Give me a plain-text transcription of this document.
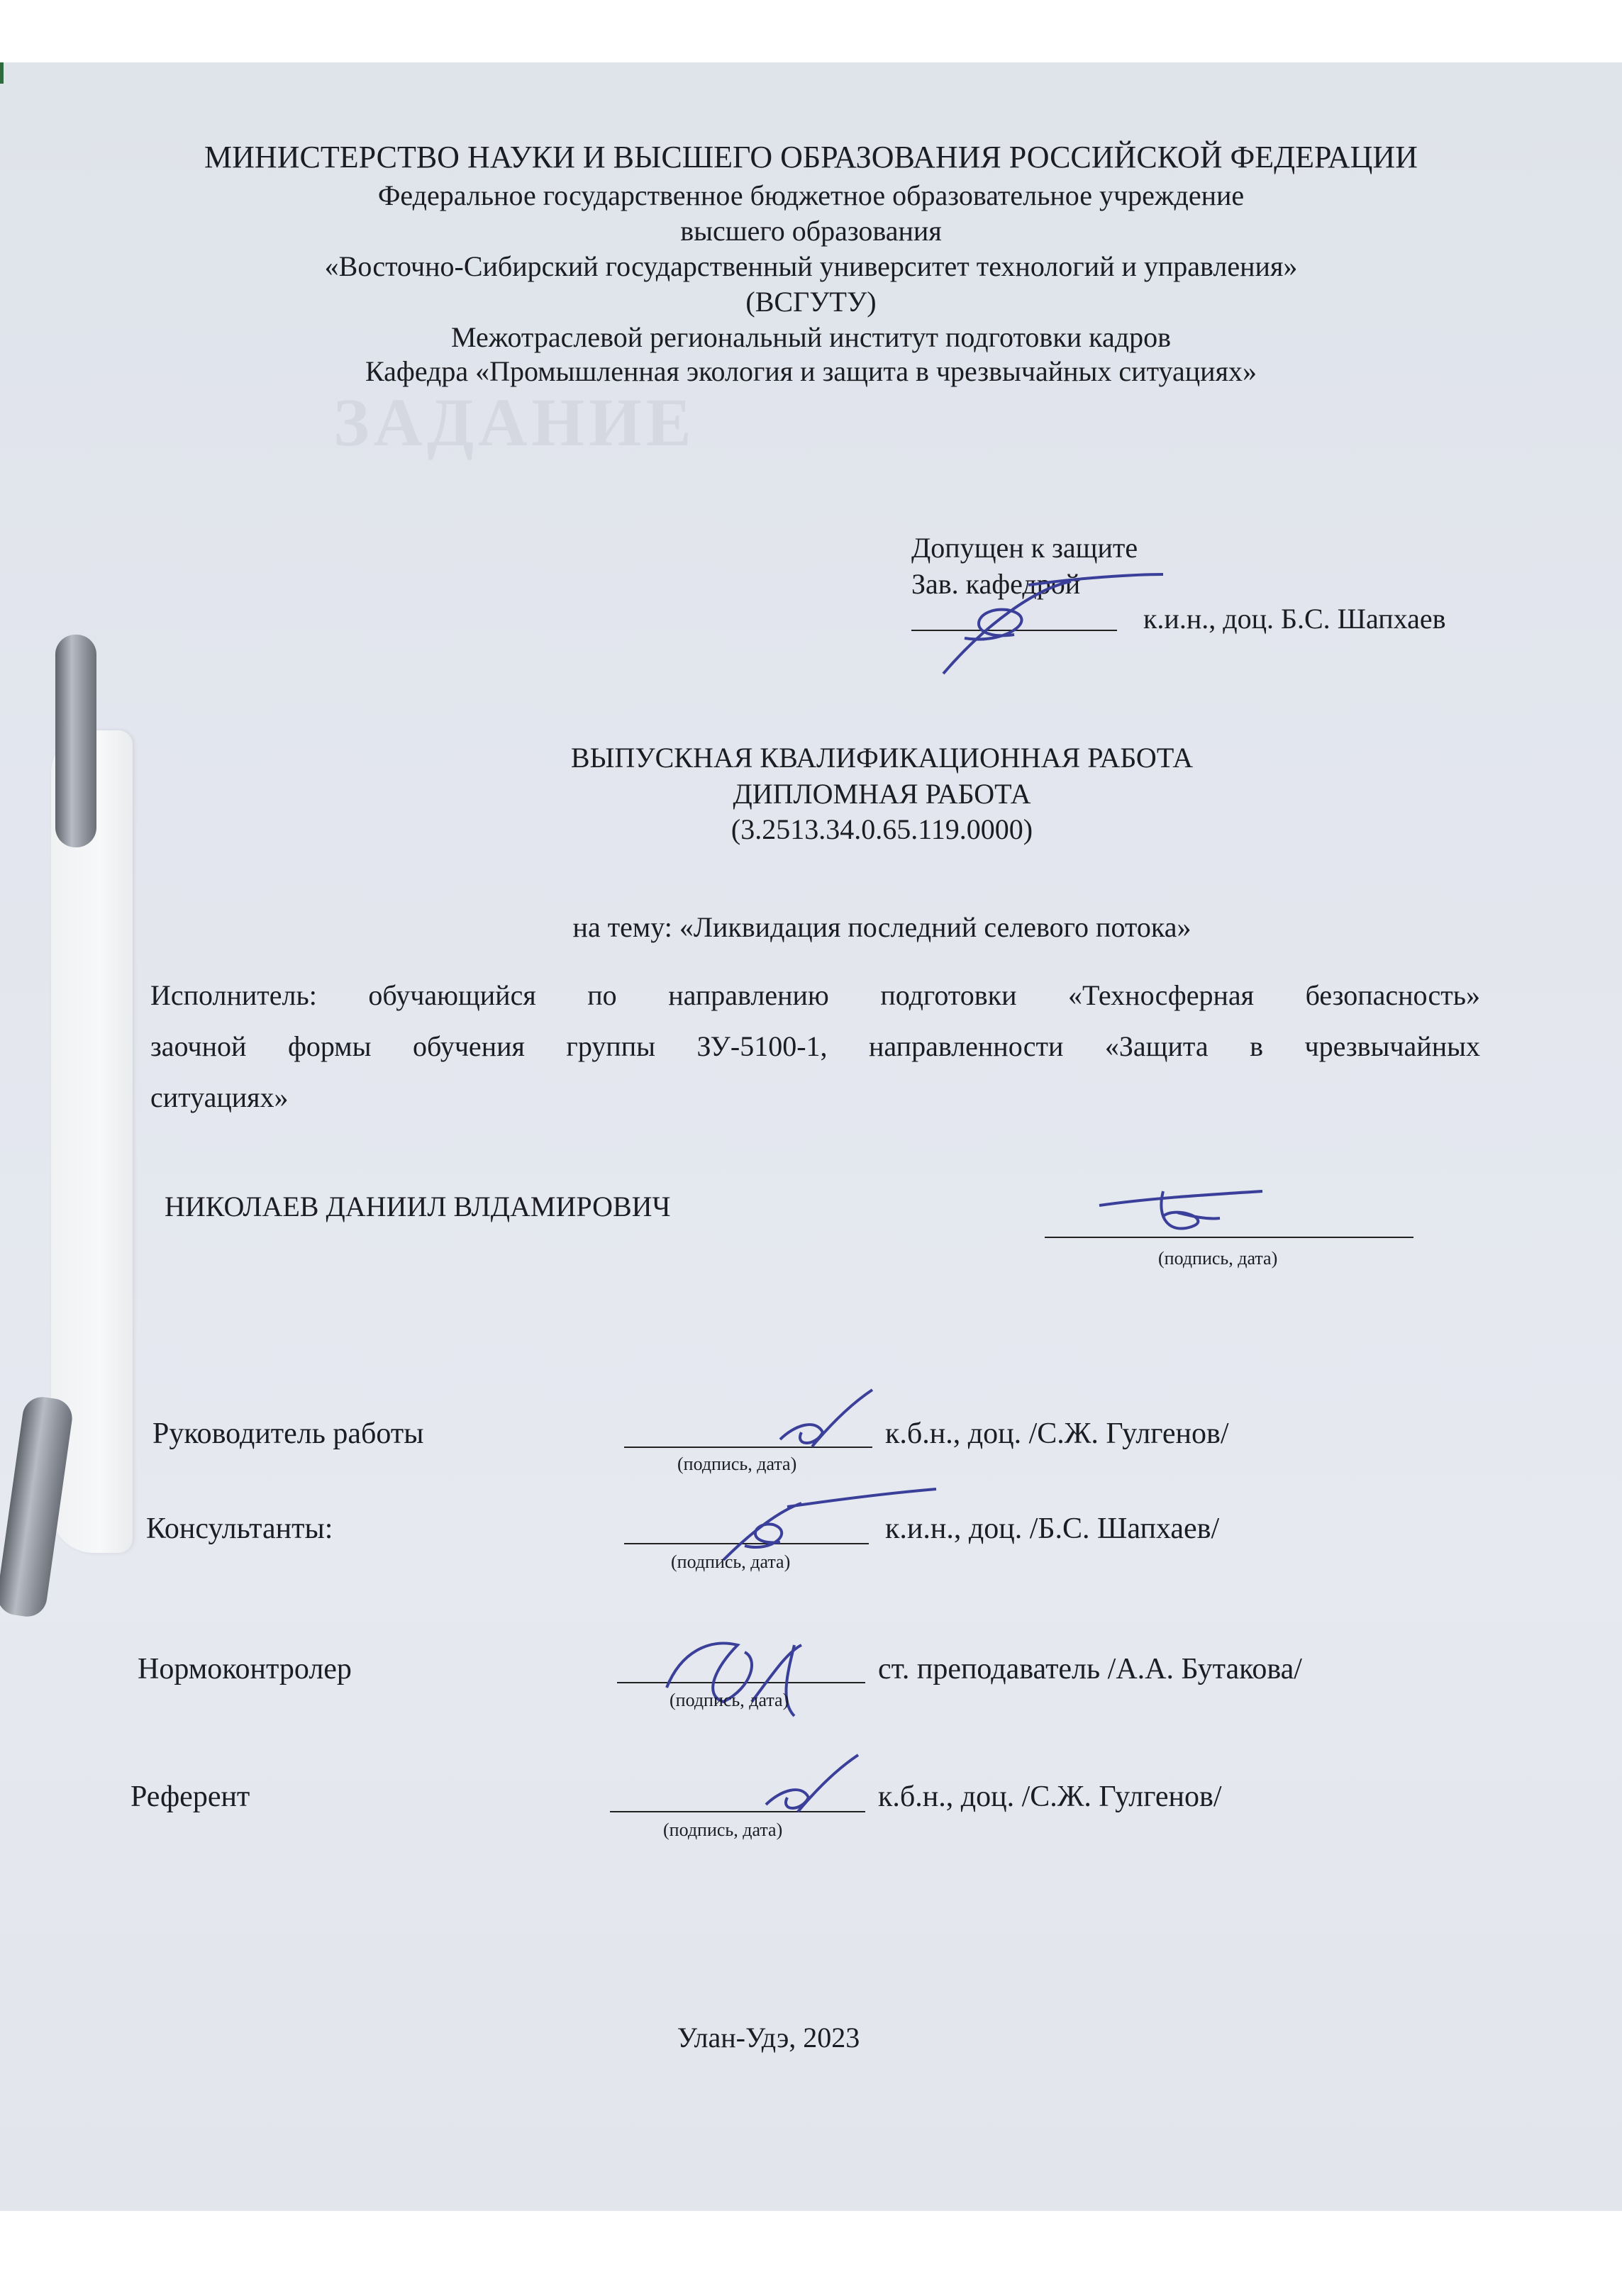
ЗАДАНИЕ
МИНИСТЕРСТВО НАУКИ И ВЫСШЕГО ОБРАЗОВАНИЯ РОССИЙСКОЙ ФЕДЕРАЦИИ
Федеральное государственное бюджетное образовательное учреждение
высшего образования
«Восточно-Сибирский государственный университет технологий и управления»
(ВСГУТУ)
Межотраслевой региональный институт подготовки кадров
Кафедра «Промышленная экология и защита в чрезвычайных ситуациях»
Допущен к защите
Зав. кафедрой
к.и.н., доц. Б.С. Шапхаев
ВЫПУСКНАЯ КВАЛИФИКАЦИОННАЯ РАБОТА
ДИПЛОМНАЯ РАБОТА
(3.2513.34.0.65.119.0000)
на тему: «Ликвидация последний селевого потока»
Исполнитель: обучающийся по направлению подготовки «Техносферная безопасность»
заочной формы обучения группы ЗУ-5100-1, направленности «Защита в чрезвычайных
ситуациях»
НИКОЛАЕВ ДАНИИЛ ВЛДАМИРОВИЧ
(подпись, дата)
Руководитель работы	к.б.н., доц. /С.Ж. Гулгенов/
(подпись, дата)
Консультанты:	к.и.н., доц. /Б.С. Шапхаев/
(подпись, дата)
Нормоконтролер	ст. преподаватель /А.А. Бутакова/
(подпись, дата)
Референт	к.б.н., доц. /С.Ж. Гулгенов/
(подпись, дата)
Улан-Удэ, 2023
